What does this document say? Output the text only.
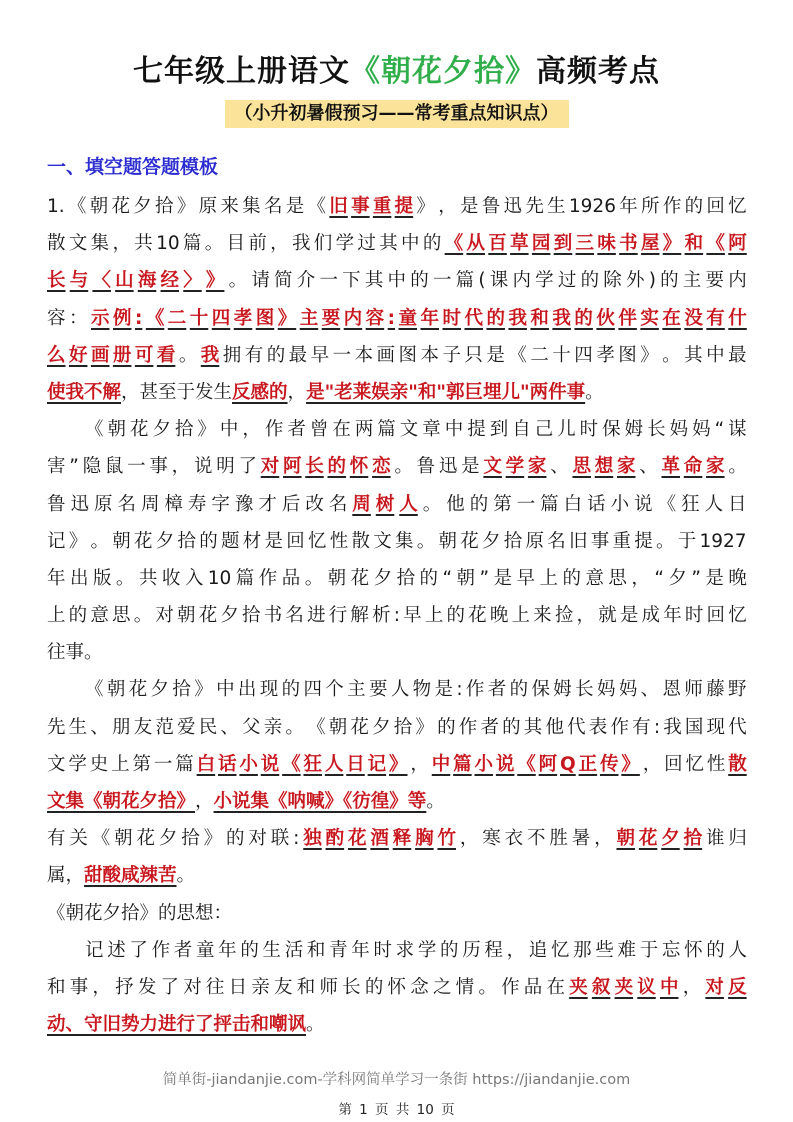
七年级上册语文《朝花夕拾》高频考点
（小升初暑假预习——常考重点知识点）
一、填空题答题模板
1. 《 朝 花 夕 拾 》 原 来 集 名 是 《 旧 事 重 提 》 ， 是 鲁 迅 先 生 1926 年 所 作 的 回 忆
散 文 集 ， 共 10 篇 。 目 前 ， 我 们 学 过 其 中 的 《 从 百 草 园 到 三 味 书 屋 》 和 《 阿
长 与 〈 山 海 经 〉 》 。 请 简 介 一 下 其 中 的 一 篇 ( 课 内 学 过 的 除 外 ) 的 主 要 内
容 ： 示 例 : 《 二 十 四 孝 图 》 主 要 内 容 : 童 年 时 代 的 我 和 我 的 伙 伴 实 在 没 有 什
么 好 画 册 可 看 。 我 拥 有 的 最 早 一 本 画 图 本 子 只 是 《 二 十 四 孝 图 》 。 其 中 最
使我不解 ，甚至于发生 反感的 ， 是"老莱娱亲"和"郭巨埋儿"两件事 。
《 朝 花 夕 拾 》 中 ， 作 者 曾 在 两 篇 文 章 中 提 到 自 己 儿 时 保 姆 长 妈 妈 “ 谋
害 ” 隐 鼠 一 事 ， 说 明 了 对 阿 长 的 怀 恋 。 鲁 迅 是 文 学 家 、 思 想 家 、 革 命 家 。
鲁 迅 原 名 周 樟 寿 字 豫 才 后 改 名 周 树 人 。 他 的 第 一 篇 白 话 小 说 《 狂 人 日
记 》 。 朝 花 夕 拾 的 题 材 是 回 忆 性 散 文 集 。 朝 花 夕 拾 原 名 旧 事 重 提 。 于 1927
年 出 版 。 共 收 入 10 篇 作 品 。 朝 花 夕 拾 的 “ 朝 ” 是 早 上 的 意 思 ， “ 夕 ” 是 晚
上 的 意 思 。 对 朝 花 夕 拾 书 名 进 行 解 析 : 早 上 的 花 晚 上 来 捡 ， 就 是 成 年 时 回 忆
往事。
《 朝 花 夕 拾 》 中 出 现 的 四 个 主 要 人 物 是 : 作 者 的 保 姆 长 妈 妈 、 恩 师 藤 野
先 生 、 朋 友 范 爱 民 、 父 亲 。 《 朝 花 夕 拾 》 的 作 者 的 其 他 代 表 作 有 : 我 国 现 代
文 学 史 上 第 一 篇 白 话 小 说 《 狂 人 日 记 》 ， 中 篇 小 说 《 阿 Q 正 传 》 ， 回 忆 性 散
文集《朝花夕拾》 ， 小说集《呐喊》《彷徨》等 。
有 关 《 朝 花 夕 拾 》 的 对 联 : 独 酌 花 酒 释 胸 竹 ， 寒 衣 不 胜 暑 ， 朝 花 夕 拾 谁 归
属， 甜酸咸辣苦 。
《朝花夕拾》的思想：
记 述 了 作 者 童 年 的 生 活 和 青 年 时 求 学 的 历 程 ， 追 忆 那 些 难 于 忘 怀 的 人
和 事 ， 抒 发 了 对 往 日 亲 友 和 师 长 的 怀 念 之 情 。 作 品 在 夹 叙 夹 议 中 ， 对 反
动、守旧势力进行了抨击和嘲讽 。
简单街-jiandanjie.com-学科网简单学习一条街 https://jiandanjie.com
第 1 页 共 10 页
